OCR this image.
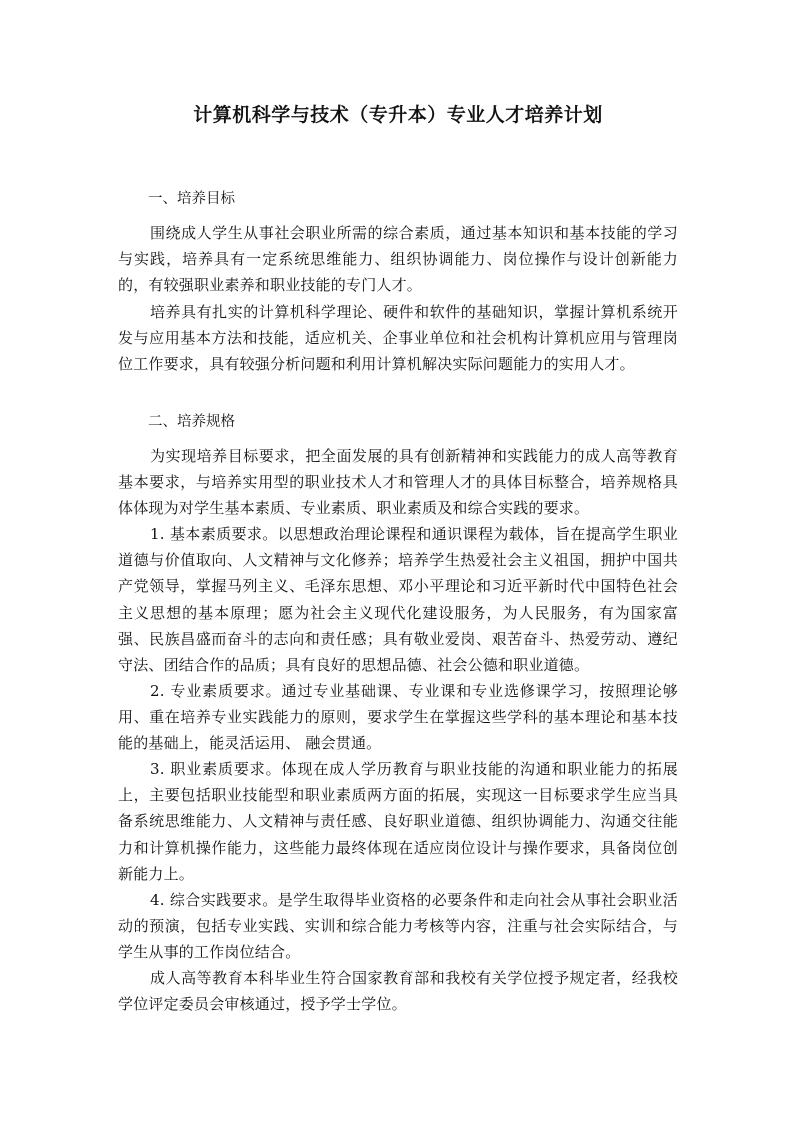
计算机科学与技术（专升本）专业人才培养计划
一、培养目标
围绕成人学生从事社会职业所需的综合素质，通过基本知识和基本技能的学习与实践，培养具有一定系统思维能力、组织协调能力、岗位操作与设计创新能力的，有较强职业素养和职业技能的专门人才。
培养具有扎实的计算机科学理论、硬件和软件的基础知识，掌握计算机系统开发与应用基本方法和技能，适应机关、企事业单位和社会机构计算机应用与管理岗位工作要求，具有较强分析问题和利用计算机解决实际问题能力的实用人才。
二、培养规格
为实现培养目标要求，把全面发展的具有创新精神和实践能力的成人高等教育基本要求，与培养实用型的职业技术人才和管理人才的具体目标整合，培养规格具体体现为对学生基本素质、专业素质、职业素质及和综合实践的要求。
1. 基本素质要求。以思想政治理论课程和通识课程为载体，旨在提高学生职业道德与价值取向、人文精神与文化修养；培养学生热爱社会主义祖国，拥护中国共产党领导，掌握马列主义、毛泽东思想、邓小平理论和习近平新时代中国特色社会主义思想的基本原理；愿为社会主义现代化建设服务，为人民服务，有为国家富强、民族昌盛而奋斗的志向和责任感；具有敬业爱岗、艰苦奋斗、热爱劳动、遵纪守法、团结合作的品质；具有良好的思想品德、社会公德和职业道德。
2. 专业素质要求。通过专业基础课、专业课和专业选修课学习，按照理论够用、重在培养专业实践能力的原则，要求学生在掌握这些学科的基本理论和基本技能的基础上，能灵活运用、 融会贯通。
3. 职业素质要求。体现在成人学历教育与职业技能的沟通和职业能力的拓展上，主要包括职业技能型和职业素质两方面的拓展，实现这一目标要求学生应当具备系统思维能力、人文精神与责任感、良好职业道德、组织协调能力、沟通交往能力和计算机操作能力，这些能力最终体现在适应岗位设计与操作要求，具备岗位创新能力上。
4. 综合实践要求。是学生取得毕业资格的必要条件和走向社会从事社会职业活动的预演，包括专业实践、实训和综合能力考核等内容，注重与社会实际结合，与学生从事的工作岗位结合。
成人高等教育本科毕业生符合国家教育部和我校有关学位授予规定者，经我校学位评定委员会审核通过，授予学士学位。
